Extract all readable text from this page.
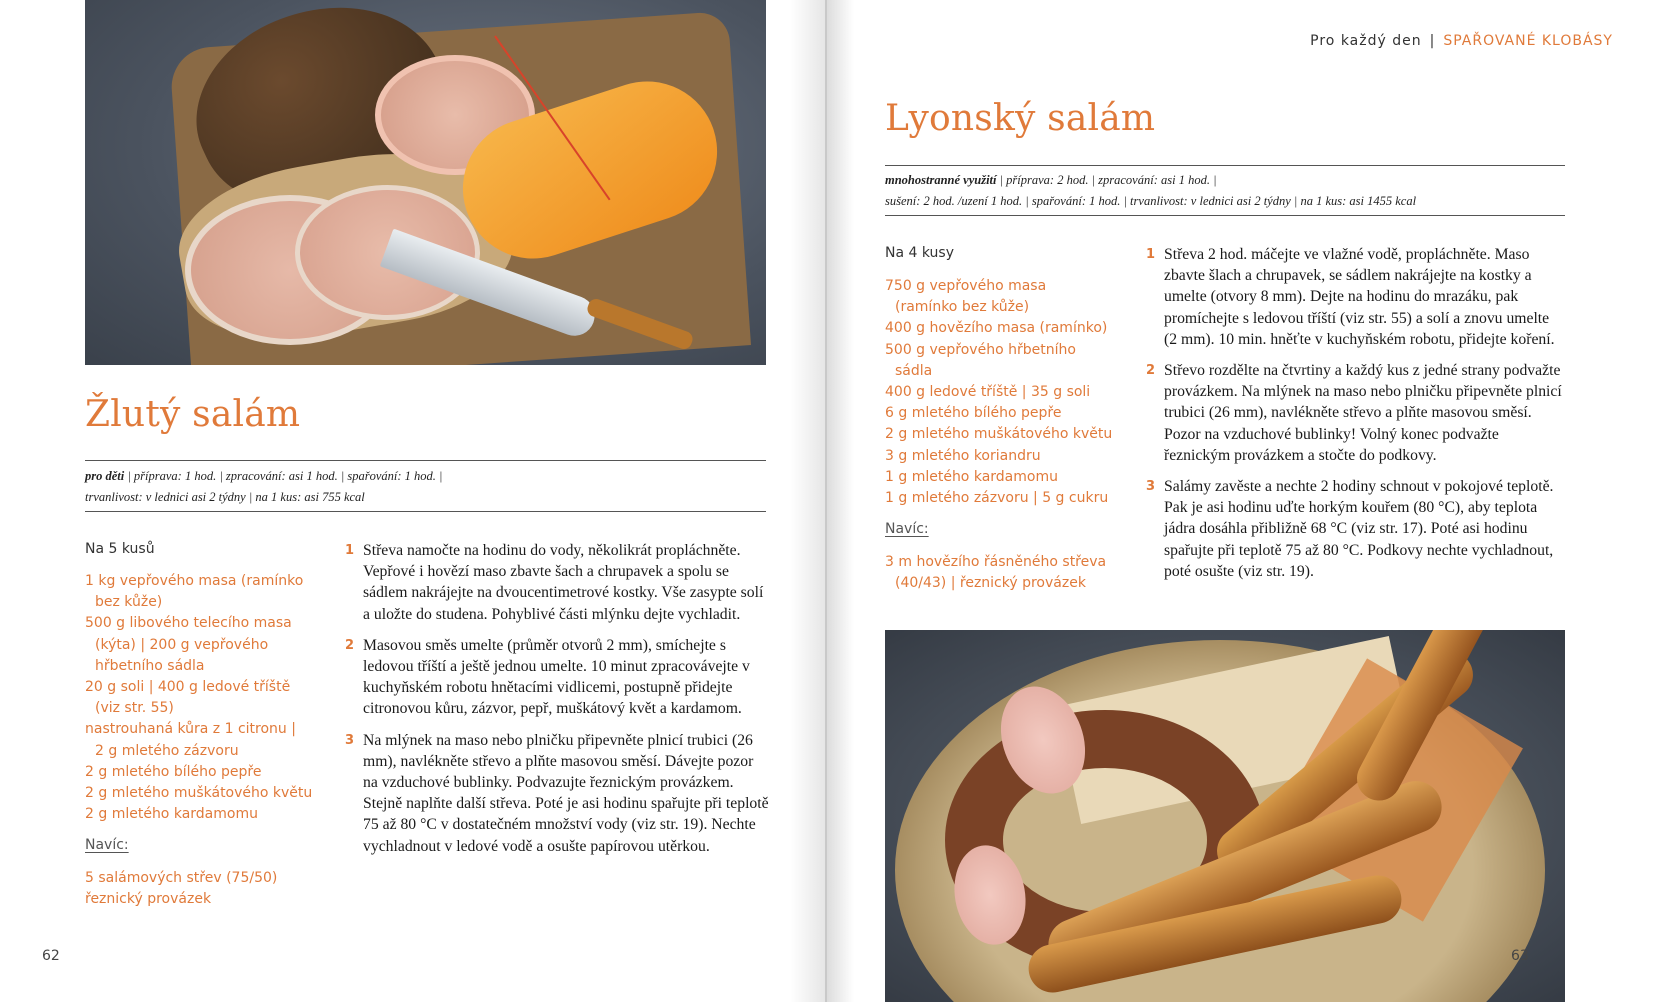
Žlutý salám
pro děti | příprava: 1 hod. | zpracování: asi 1 hod. | spařování: 1 hod. |
trvanlivost: v lednici asi 2 týdny | na 1 kus: asi 755 kcal
Na 5 kusů
1 kg vepřového masa (ramínko
bez kůže)
500 g libového telecího masa
(kýta) | 200 g vepřového
hřbetního sádla
20 g soli | 400 g ledové tříště
(viz str. 55)
nastrouhaná kůra z 1 citronu |
2 g mletého zázvoru
2 g mletého bílého pepře
2 g mletého muškátového květu
2 g mletého kardamomu
Navíc:
5 salámových střev (75/50)
řeznický provázek
1 Střeva namočte na hodinu do vody, několikrát propláchněte. Vepřové i hovězí maso zbavte šach a chrupavek a spolu se sádlem nakrájejte na dvoucentimetrové kostky. Vše zasypte solí a uložte do studena. Pohyblivé části mlýnku dejte vychladit.
2 Masovou směs umelte (průměr otvorů 2 mm), smíchejte s ledovou tříští a ještě jednou umelte. 10 minut zpracovávejte v kuchyňském robotu hnětacími vidlicemi, postupně přidejte citronovou kůru, zázvor, pepř, muškátový květ a kardamom.
3 Na mlýnek na maso nebo plničku připevněte plnicí trubici (26 mm), navlékněte střevo a plňte masovou směsí. Dávejte pozor na vzduchové bublinky. Podvazujte řeznickým provázkem. Stejně naplňte další střeva. Poté je asi hodinu spařujte při teplotě 75 až 80 °C v dostatečném množství vody (viz str. 19). Nechte vychladnout v ledové vodě a osušte papírovou utěrkou.
62
Pro každý den | SPAŘOVANÉ KLOBÁSY
Lyonský salám
mnohostranné využití | příprava: 2 hod. | zpracování: asi 1 hod. |
sušení: 2 hod. /uzení 1 hod. | spařování: 1 hod. | trvanlivost: v lednici asi 2 týdny | na 1 kus: asi 1455 kcal
Na 4 kusy
750 g vepřového masa
(ramínko bez kůže)
400 g hovězího masa (ramínko)
500 g vepřového hřbetního
sádla
400 g ledové tříště | 35 g soli
6 g mletého bílého pepře
2 g mletého muškátového květu
3 g mletého koriandru
1 g mletého kardamomu
1 g mletého zázvoru | 5 g cukru
Navíc:
3 m hovězího řásněného střeva
(40/43) | řeznický provázek
1 Střeva 2 hod. máčejte ve vlažné vodě, propláchněte. Maso zbavte šlach a chrupavek, se sádlem nakrájejte na kostky a umelte (otvory 8 mm). Dejte na hodinu do mrazáku, pak promíchejte s ledovou tříští (viz str. 55) a solí a znovu umelte (2 mm). 10 min. hněťte v kuchyňském robotu, přidejte koření.
2 Střevo rozdělte na čtvrtiny a každý kus z jedné strany podvažte provázkem. Na mlýnek na maso nebo plničku připevněte plnicí trubici (26 mm), navlékněte střevo a plňte masovou směsí. Pozor na vzduchové bublinky! Volný konec podvažte řeznickým provázkem a stočte do podkovy.
3 Salámy zavěste a nechte 2 hodiny schnout v pokojové teplotě. Pak je asi hodinu uďte horkým kouřem (80 °C), aby teplota jádra dosáhla přibližně 68 °C (viz str. 17). Poté asi hodinu spařujte při teplotě 75 až 80 °C. Podkovy nechte vychladnout, poté osušte (viz str. 19).
63
